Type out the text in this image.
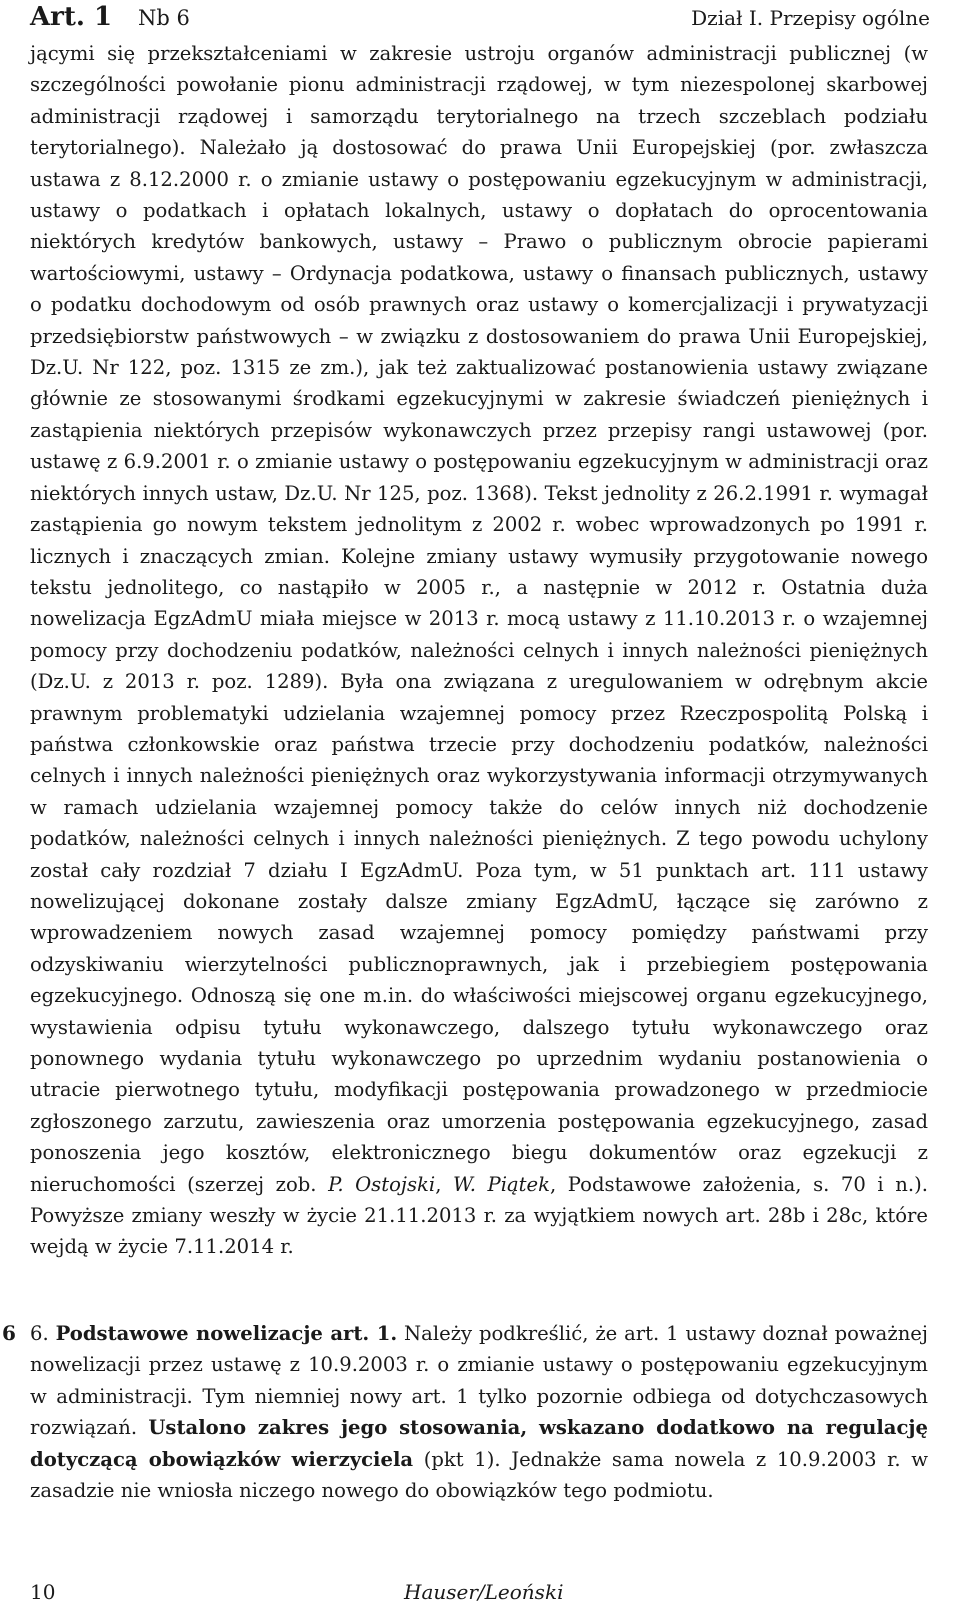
Art. 1 Nb 6	Dział I. Przepisy ogólne
jącymi się przekształceniami w zakresie ustroju organów administracji publicznej (w szczególności powołanie pionu administracji rządowej, w tym niezespolonej skarbowej administracji rządowej i samorządu terytorialnego na trzech szczeblach podziału terytorialnego). Należało ją dostosować do prawa Unii Europejskiej (por. zwłaszcza ustawa z 8.12.2000 r. o zmianie ustawy o postępowaniu egzekucyjnym w administracji, ustawy o podatkach i opłatach lokalnych, ustawy o dopłatach do oprocentowania niektórych kredytów bankowych, ustawy – Prawo o publicznym obrocie papierami wartościowymi, ustawy – Ordynacja podatkowa, ustawy o finansach publicznych, ustawy o podatku dochodowym od osób prawnych oraz ustawy o komercjalizacji i prywatyzacji przedsiębiorstw państwowych – w związku z dostosowaniem do prawa Unii Europejskiej, Dz.U. Nr 122, poz. 1315 ze zm.), jak też zaktualizować postanowienia ustawy związane głównie ze stosowanymi środkami egzekucyjnymi w zakresie świadczeń pieniężnych i zastąpienia niektórych przepisów wykonawczych przez przepisy rangi ustawowej (por. ustawę z 6.9.2001 r. o zmianie ustawy o postępowaniu egzekucyjnym w administracji oraz niektórych innych ustaw, Dz.U. Nr 125, poz. 1368). Tekst jednolity z 26.2.1991 r. wymagał zastąpienia go nowym tekstem jednolitym z 2002 r. wobec wprowadzonych po 1991 r. licznych i znaczących zmian. Kolejne zmiany ustawy wymusiły przygotowanie nowego tekstu jednolitego, co nastąpiło w 2005 r., a następnie w 2012 r. Ostatnia duża nowelizacja EgzAdmU miała miejsce w 2013 r. mocą ustawy z 11.10.2013 r. o wzajemnej pomocy przy dochodzeniu podatków, należności celnych i innych należności pieniężnych (Dz.U. z 2013 r. poz. 1289). Była ona związana z uregulowaniem w odrębnym akcie prawnym problematyki udzielania wzajemnej pomocy przez Rzeczpospolitą Polską i państwa członkowskie oraz państwa trzecie przy dochodzeniu podatków, należności celnych i innych należności pieniężnych oraz wykorzystywania informacji otrzymywanych w ramach udzielania wzajemnej pomocy także do celów innych niż dochodzenie podatków, należności celnych i innych należności pieniężnych. Z tego powodu uchylony został cały rozdział 7 działu I EgzAdmU. Poza tym, w 51 punktach art. 111 ustawy nowelizującej dokonane zostały dalsze zmiany EgzAdmU, łączące się zarówno z wprowadzeniem nowych zasad wzajemnej pomocy pomiędzy państwami przy odzyskiwaniu wierzytelności publicznoprawnych, jak i przebiegiem postępowania egzekucyjnego. Odnoszą się one m.in. do właściwości miejscowej organu egzekucyjnego, wystawienia odpisu tytułu wykonawczego, dalszego tytułu wykonawczego oraz ponownego wydania tytułu wykonawczego po uprzednim wydaniu postanowienia o utracie pierwotnego tytułu, modyfikacji postępowania prowadzonego w przedmiocie zgłoszonego zarzutu, zawieszenia oraz umorzenia postępowania egzekucyjnego, zasad ponoszenia jego kosztów, elektronicznego biegu dokumentów oraz egzekucji z nieruchomości (szerzej zob. P. Ostojski, W. Piątek, Podstawowe założenia, s. 70 i n.). Powyższe zmiany weszły w życie 21.11.2013 r. za wyjątkiem nowych art. 28b i 28c, które wejdą w życie 7.11.2014 r.
6 6. Podstawowe nowelizacje art. 1. Należy podkreślić, że art. 1 ustawy doznał poważnej nowelizacji przez ustawę z 10.9.2003 r. o zmianie ustawy o postępowaniu egzekucyjnym w administracji. Tym niemniej nowy art. 1 tylko pozornie odbiega od dotychczasowych rozwiązań. Ustalono zakres jego stosowania, wskazano dodatkowo na regulację dotyczącą obowiązków wierzyciela (pkt 1). Jednakże sama nowela z 10.9.2003 r. w zasadzie nie wniosła niczego nowego do obowiązków tego podmiotu.
10	Hauser/Leoński
